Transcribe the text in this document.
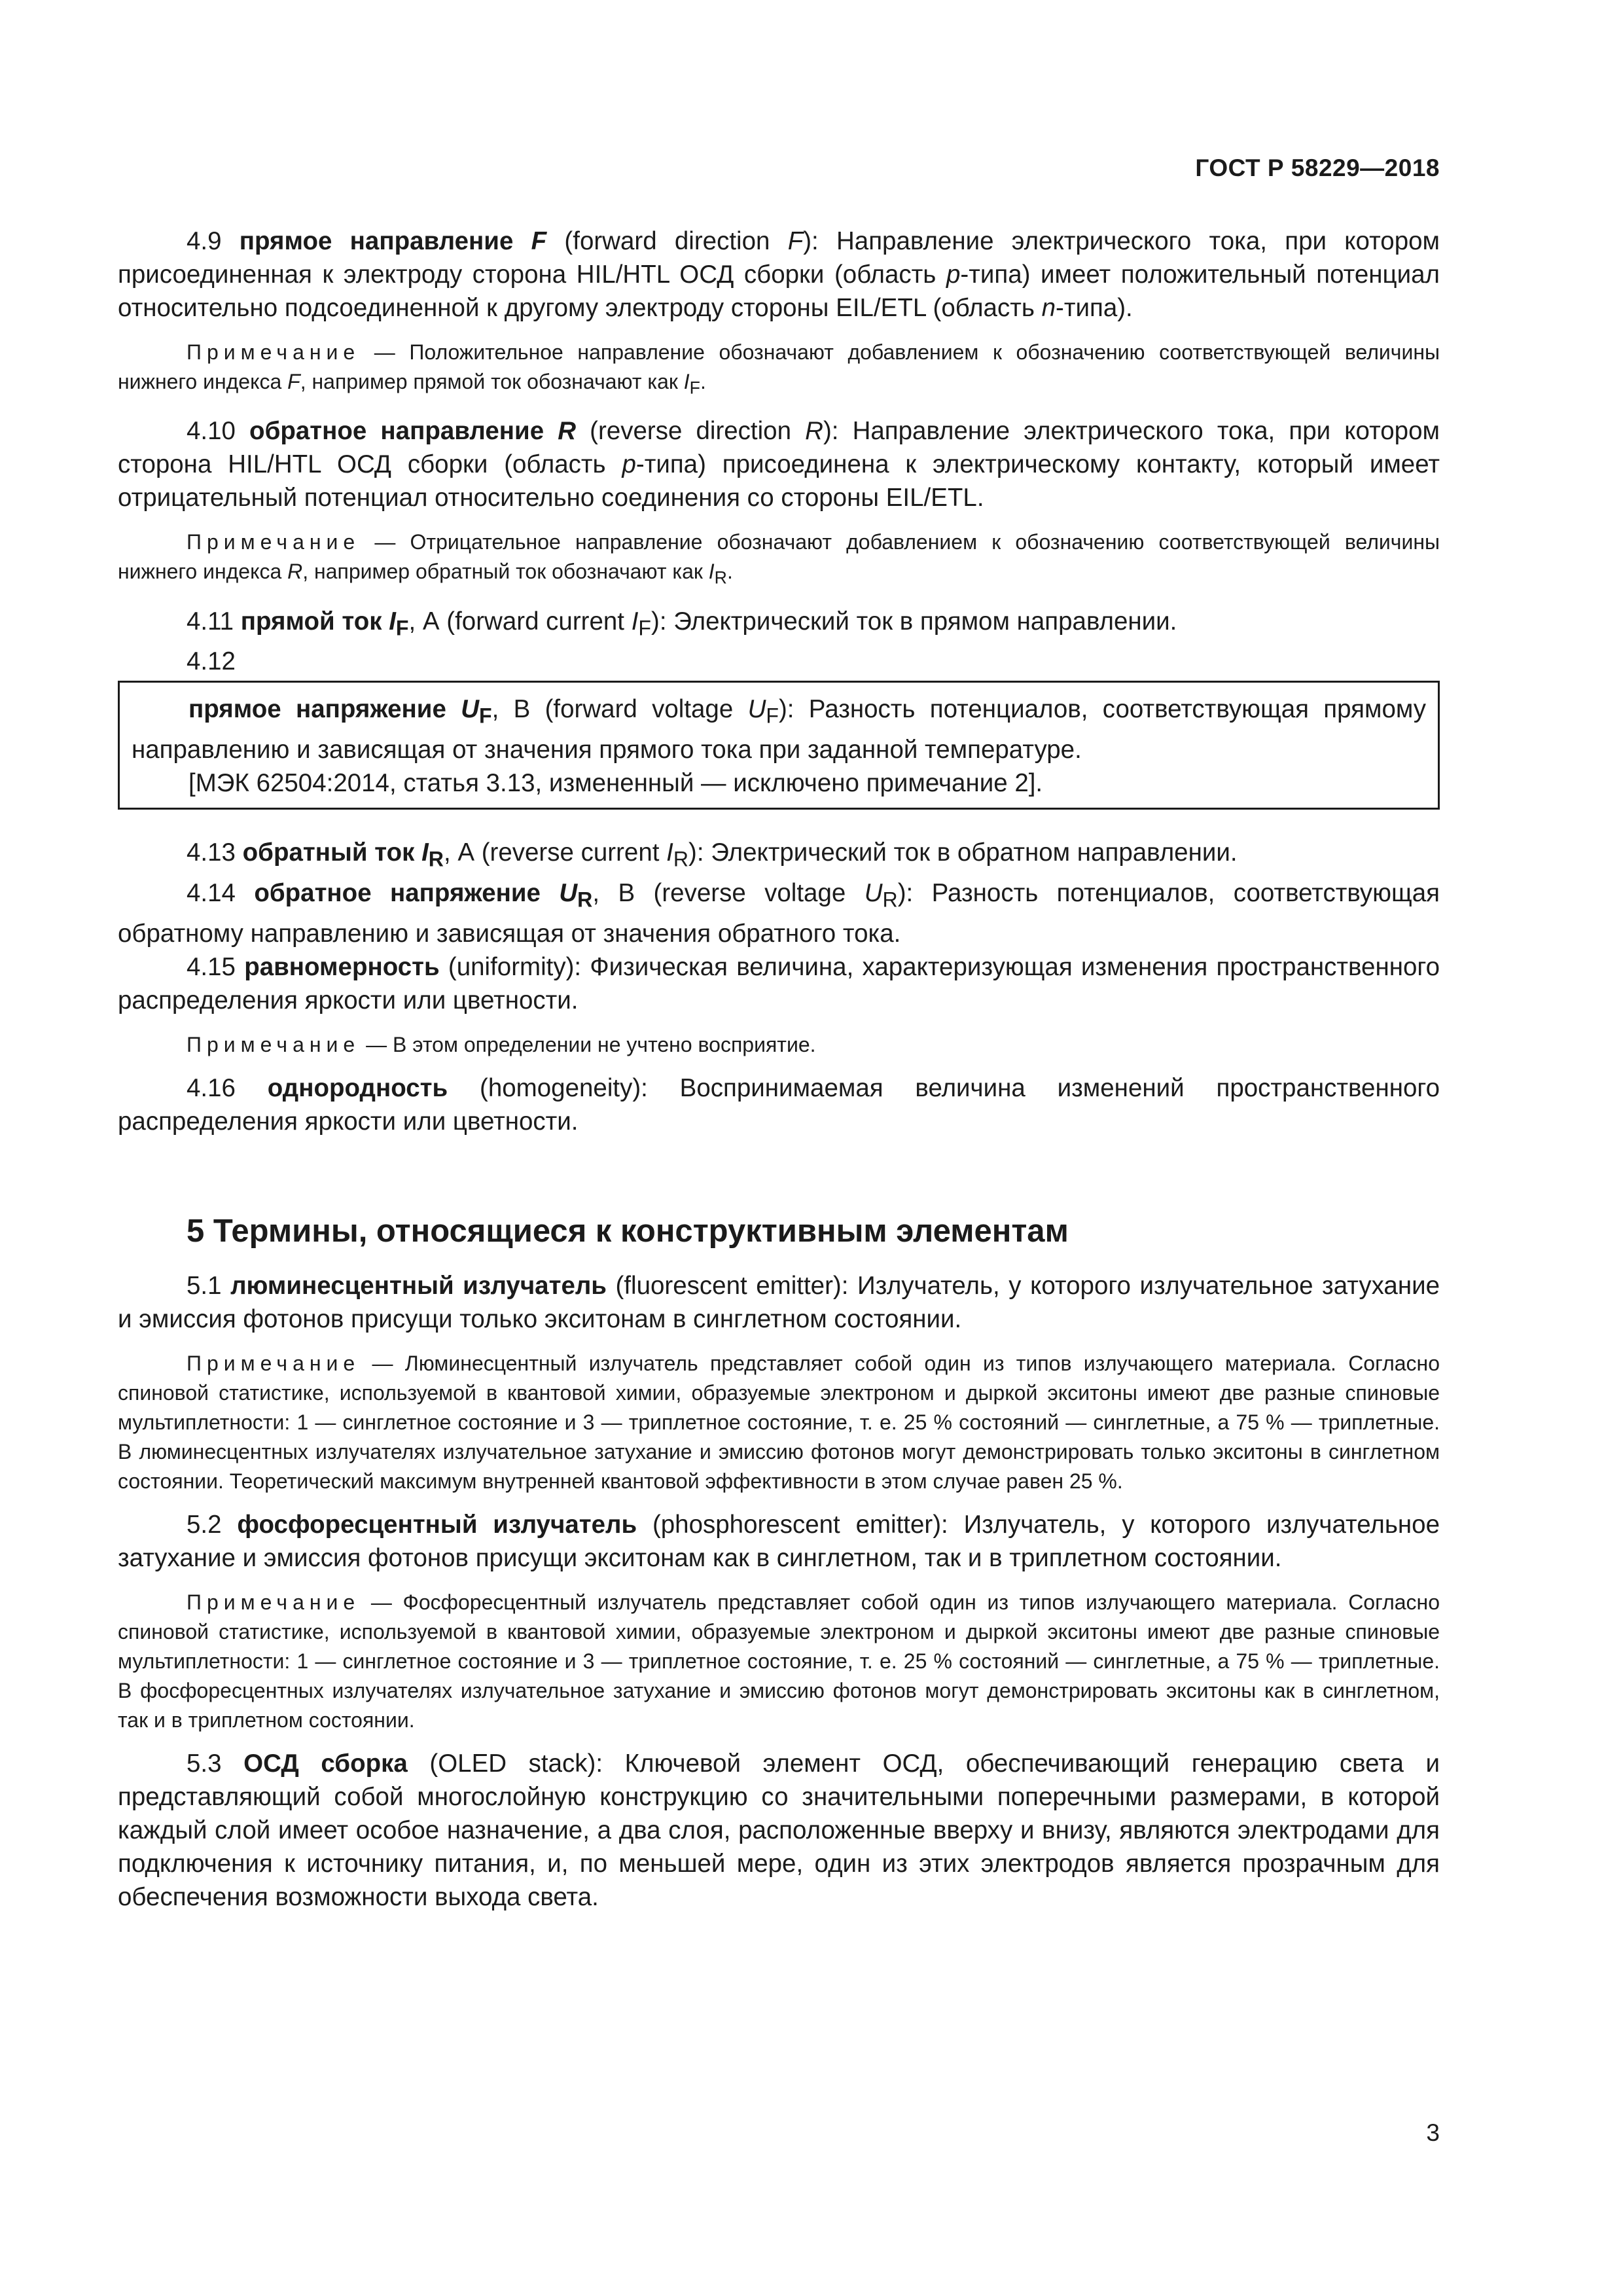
ГОСТ Р 58229—2018

4.9 прямое направление F (forward direction F): Направление электрического тока, при котором присоединенная к электроду сторона HIL/HTL ОСД сборки (область p-типа) имеет положительный потенциал относительно подсоединенной к другому электроду стороны EIL/ETL (область n-типа).

Примечание — Положительное направление обозначают добавлением к обозначению соответствующей величины нижнего индекса F, например прямой ток обозначают как $I_F$.

4.10 обратное направление R (reverse direction R): Направление электрического тока, при котором сторона HIL/HTL ОСД сборки (область p-типа) присоединена к электрическому контакту, который имеет отрицательный потенциал относительно соединения со стороны EIL/ETL.

Примечание — Отрицательное направление обозначают добавлением к обозначению соответствующей величины нижнего индекса R, например обратный ток обозначают как $I_R$.

4.11 прямой ток $I_F$, А (forward current $I_F$): Электрический ток в прямом направлении.

4.12

прямое напряжение $U_F$, В (forward voltage $U_F$): Разность потенциалов, соответствующая прямому направлению и зависящая от значения прямого тока при заданной температуре.

[МЭК 62504:2014, статья 3.13, измененный — исключено примечание 2].

4.13 обратный ток $I_R$, А (reverse current $I_R$): Электрический ток в обратном направлении.

4.14 обратное напряжение $U_R$, В (reverse voltage $U_R$): Разность потенциалов, соответствующая обратному направлению и зависящая от значения обратного тока.

4.15 равномерность (uniformity): Физическая величина, характеризующая изменения пространственного распределения яркости или цветности.

Примечание — В этом определении не учтено восприятие.

4.16 однородность (homogeneity): Воспринимаемая величина изменений пространственного распределения яркости или цветности.

5 Термины, относящиеся к конструктивным элементам

5.1 люминесцентный излучатель (fluorescent emitter): Излучатель, у которого излучательное затухание и эмиссия фотонов присущи только экситонам в синглетном состоянии.

Примечание — Люминесцентный излучатель представляет собой один из типов излучающего материала. Согласно спиновой статистике, используемой в квантовой химии, образуемые электроном и дыркой экситоны имеют две разные спиновые мультиплетности: 1 — синглетное состояние и 3 — триплетное состояние, т. е. 25 % состояний — синглетные, а 75 % — триплетные. В люминесцентных излучателях излучательное затухание и эмиссию фотонов могут демонстрировать только экситоны в синглетном состоянии. Теоретический максимум внутренней квантовой эффективности в этом случае равен 25 %.

5.2 фосфоресцентный излучатель (phosphorescent emitter): Излучатель, у которого излучательное затухание и эмиссия фотонов присущи экситонам как в синглетном, так и в триплетном состоянии.

Примечание — Фосфоресцентный излучатель представляет собой один из типов излучающего материала. Согласно спиновой статистике, используемой в квантовой химии, образуемые электроном и дыркой экситоны имеют две разные спиновые мультиплетности: 1 — синглетное состояние и 3 — триплетное состояние, т. е. 25 % состояний — синглетные, а 75 % — триплетные. В фосфоресцентных излучателях излучательное затухание и эмиссию фотонов могут демонстрировать экситоны как в синглетном, так и в триплетном состоянии.

5.3 ОСД сборка (OLED stack): Ключевой элемент ОСД, обеспечивающий генерацию света и представляющий собой многослойную конструкцию со значительными поперечными размерами, в которой каждый слой имеет особое назначение, а два слоя, расположенные вверху и внизу, являются электродами для подключения к источнику питания, и, по меньшей мере, один из этих электродов является прозрачным для обеспечения возможности выхода света.

3
